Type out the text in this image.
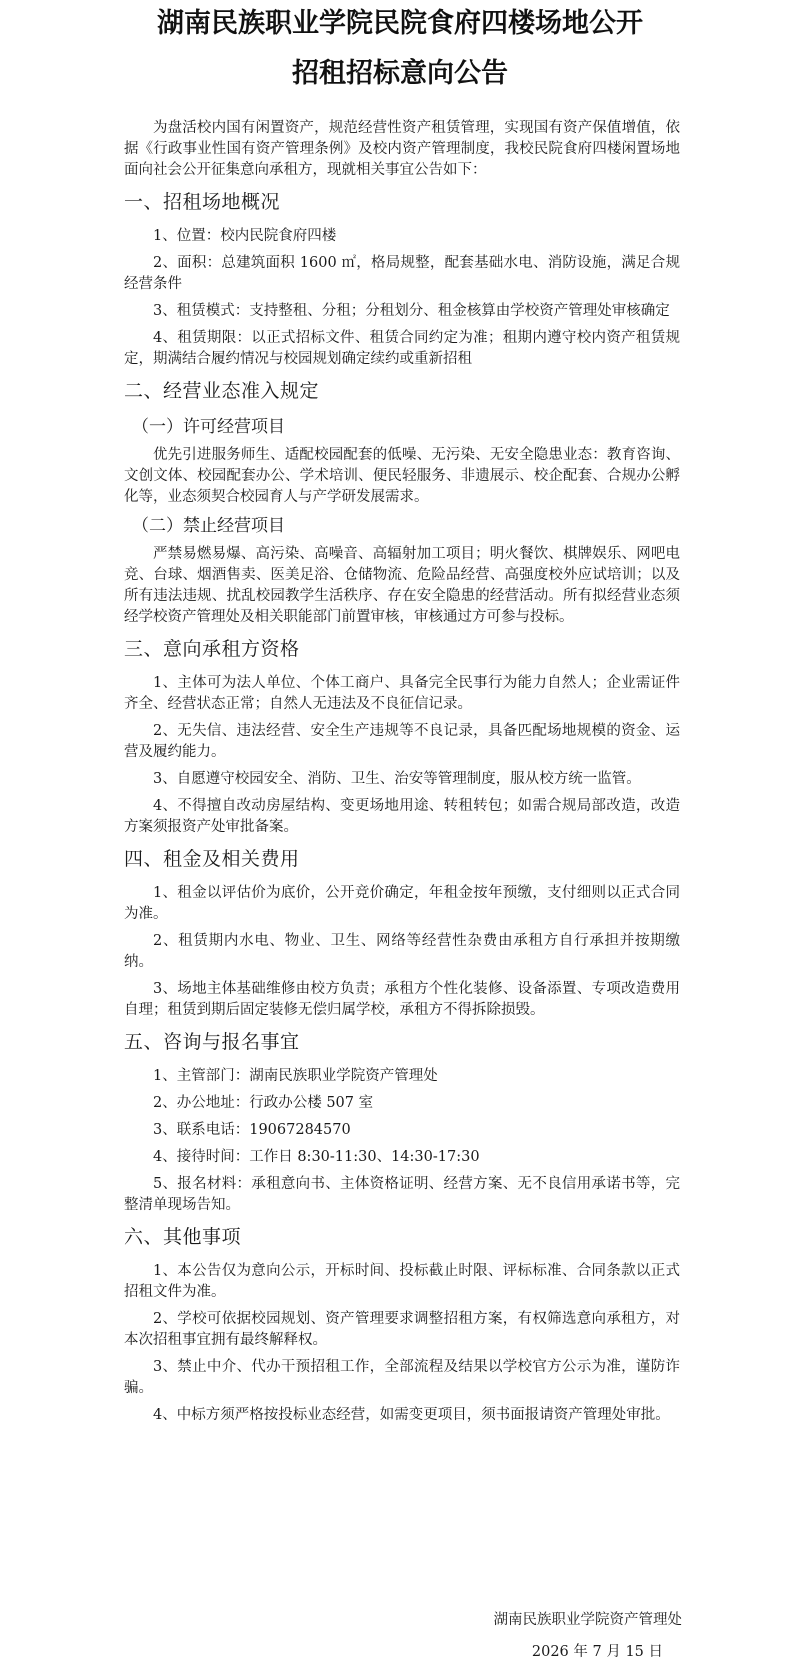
湖南民族职业学院民院食府四楼场地公开
招租招标意向公告

为盘活校内国有闲置资产，规范经营性资产租赁管理，实现国有资产保值增值，依据《行政事业性国有资产管理条例》及校内资产管理制度，我校民院食府四楼闲置场地面向社会公开征集意向承租方，现就相关事宜公告如下：

一、招租场地概况

1、位置：校内民院食府四楼

2、面积：总建筑面积 1600 ㎡，格局规整，配套基础水电、消防设施，满足合规经营条件

3、租赁模式：支持整租、分租；分租划分、租金核算由学校资产管理处审核确定

4、租赁期限：以正式招标文件、租赁合同约定为准；租期内遵守校内资产租赁规定，期满结合履约情况与校园规划确定续约或重新招租

二、经营业态准入规定
（一）许可经营项目

优先引进服务师生、适配校园配套的低噪、无污染、无安全隐患业态：教育咨询、文创文体、校园配套办公、学术培训、便民轻服务、非遗展示、校企配套、合规办公孵化等，业态须契合校园育人与产学研发展需求。

（二）禁止经营项目

严禁易燃易爆、高污染、高噪音、高辐射加工项目；明火餐饮、棋牌娱乐、网吧电竞、台球、烟酒售卖、医美足浴、仓储物流、危险品经营、高强度校外应试培训；以及所有违法违规、扰乱校园教学生活秩序、存在安全隐患的经营活动。所有拟经营业态须经学校资产管理处及相关职能部门前置审核，审核通过方可参与投标。

三、意向承租方资格

1、主体可为法人单位、个体工商户、具备完全民事行为能力自然人；企业需证件齐全、经营状态正常；自然人无违法及不良征信记录。

2、无失信、违法经营、安全生产违规等不良记录，具备匹配场地规模的资金、运营及履约能力。

3、自愿遵守校园安全、消防、卫生、治安等管理制度，服从校方统一监管。

4、不得擅自改动房屋结构、变更场地用途、转租转包；如需合规局部改造，改造方案须报资产处审批备案。

四、租金及相关费用

1、租金以评估价为底价，公开竞价确定，年租金按年预缴，支付细则以正式合同为准。

2、租赁期内水电、物业、卫生、网络等经营性杂费由承租方自行承担并按期缴纳。

3、场地主体基础维修由校方负责；承租方个性化装修、设备添置、专项改造费用自理；租赁到期后固定装修无偿归属学校，承租方不得拆除损毁。

五、咨询与报名事宜

1、主管部门：湖南民族职业学院资产管理处

2、办公地址：行政办公楼 507 室

3、联系电话：19067284570

4、接待时间：工作日 8:30-11:30、14:30-17:30

5、报名材料：承租意向书、主体资格证明、经营方案、无不良信用承诺书等，完整清单现场告知。

六、其他事项

1、本公告仅为意向公示，开标时间、投标截止时限、评标标准、合同条款以正式招租文件为准。

2、学校可依据校园规划、资产管理要求调整招租方案，有权筛选意向承租方，对本次招租事宜拥有最终解释权。

3、禁止中介、代办干预招租工作，全部流程及结果以学校官方公示为准，谨防诈骗。

4、中标方须严格按投标业态经营，如需变更项目，须书面报请资产管理处审批。

湖南民族职业学院资产管理处
2026 年 7 月 15 日
